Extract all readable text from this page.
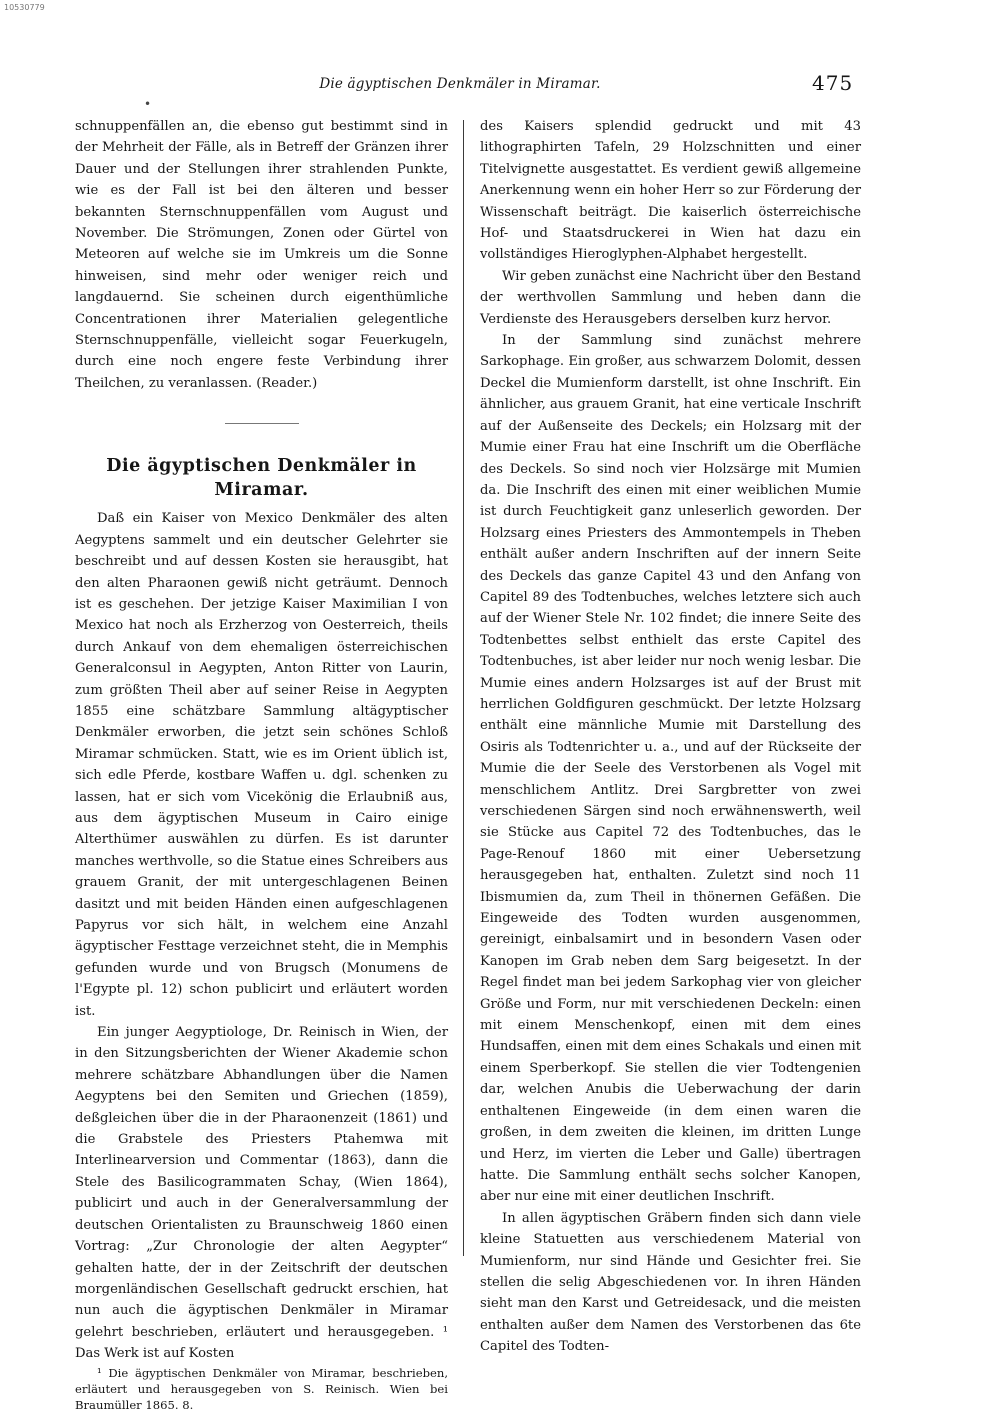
10530779
Die ägyptischen Denkmäler in Miramar.	475
•

schnuppenfällen an, die ebenso gut bestimmt sind in der Mehrheit der Fälle, als in Betreff der Gränzen ihrer Dauer und der Stellungen ihrer strahlenden Punkte, wie es der Fall ist bei den älteren und besser bekannten Sternschnuppenfällen vom August und November. Die Strömungen, Zonen oder Gürtel von Meteoren auf welche sie im Umkreis um die Sonne hinweisen, sind mehr oder weniger reich und langdauernd. Sie scheinen durch eigenthümliche Concentrationen ihrer Materialien gelegentliche Sternschnuppenfälle, vielleicht sogar Feuerkugeln, durch eine noch engere feste Verbindung ihrer Theilchen, zu veranlassen. (Reader.)

Die ägyptischen Denkmäler in Miramar.

Daß ein Kaiser von Mexico Denkmäler des alten Aegyptens sammelt und ein deutscher Gelehrter sie beschreibt und auf dessen Kosten sie herausgibt, hat den alten Pharaonen gewiß nicht geträumt. Dennoch ist es geschehen. Der jetzige Kaiser Maximilian I von Mexico hat noch als Erzherzog von Oesterreich, theils durch Ankauf von dem ehemaligen österreichischen Generalconsul in Aegypten, Anton Ritter von Laurin, zum größten Theil aber auf seiner Reise in Aegypten 1855 eine schätzbare Sammlung altägyptischer Denkmäler erworben, die jetzt sein schönes Schloß Miramar schmücken. Statt, wie es im Orient üblich ist, sich edle Pferde, kostbare Waffen u. dgl. schenken zu lassen, hat er sich vom Vicekönig die Erlaubniß aus, aus dem ägyptischen Museum in Cairo einige Alterthümer auswählen zu dürfen. Es ist darunter manches werthvolle, so die Statue eines Schreibers aus grauem Granit, der mit untergeschlagenen Beinen dasitzt und mit beiden Händen einen aufgeschlagenen Papyrus vor sich hält, in welchem eine Anzahl ägyptischer Festtage verzeichnet steht, die in Memphis gefunden wurde und von Brugsch (Monumens de l'Egypte pl. 12) schon publicirt und erläutert worden ist.

Ein junger Aegyptiologe, Dr. Reinisch in Wien, der in den Sitzungsberichten der Wiener Akademie schon mehrere schätzbare Abhandlungen über die Namen Aegyptens bei den Semiten und Griechen (1859), deßgleichen über die in der Pharaonenzeit (1861) und die Grabstele des Priesters Ptahemwa mit Interlinearversion und Commentar (1863), dann die Stele des Basilicogrammaten Schay, (Wien 1864), publicirt und auch in der Generalversammlung der deutschen Orientalisten zu Braunschweig 1860 einen Vortrag: „Zur Chronologie der alten Aegypter“ gehalten hatte, der in der Zeitschrift der deutschen morgenländischen Gesellschaft gedruckt erschien, hat nun auch die ägyptischen Denkmäler in Miramar gelehrt beschrieben, erläutert und herausgegeben. ¹ Das Werk ist auf Kosten

¹ Die ägyptischen Denkmäler von Miramar, beschrieben, erläutert und herausgegeben von S. Reinisch. Wien bei Braumüller 1865. 8.

des Kaisers splendid gedruckt und mit 43 lithographirten Tafeln, 29 Holzschnitten und einer Titelvignette ausgestattet. Es verdient gewiß allgemeine Anerkennung wenn ein hoher Herr so zur Förderung der Wissenschaft beiträgt. Die kaiserlich österreichische Hof- und Staatsdruckerei in Wien hat dazu ein vollständiges Hieroglyphen-Alphabet hergestellt.

Wir geben zunächst eine Nachricht über den Bestand der werthvollen Sammlung und heben dann die Verdienste des Herausgebers derselben kurz hervor.

In der Sammlung sind zunächst mehrere Sarkophage. Ein großer, aus schwarzem Dolomit, dessen Deckel die Mumienform darstellt, ist ohne Inschrift. Ein ähnlicher, aus grauem Granit, hat eine verticale Inschrift auf der Außenseite des Deckels; ein Holzsarg mit der Mumie einer Frau hat eine Inschrift um die Oberfläche des Deckels. So sind noch vier Holzsärge mit Mumien da. Die Inschrift des einen mit einer weiblichen Mumie ist durch Feuchtigkeit ganz unleserlich geworden. Der Holzsarg eines Priesters des Ammontempels in Theben enthält außer andern Inschriften auf der innern Seite des Deckels das ganze Capitel 43 und den Anfang von Capitel 89 des Todtenbuches, welches letztere sich auch auf der Wiener Stele Nr. 102 findet; die innere Seite des Todtenbettes selbst enthielt das erste Capitel des Todtenbuches, ist aber leider nur noch wenig lesbar. Die Mumie eines andern Holzsarges ist auf der Brust mit herrlichen Goldfiguren geschmückt. Der letzte Holzsarg enthält eine männliche Mumie mit Darstellung des Osiris als Todtenrichter u. a., und auf der Rückseite der Mumie die der Seele des Verstorbenen als Vogel mit menschlichem Antlitz. Drei Sargbretter von zwei verschiedenen Särgen sind noch erwähnenswerth, weil sie Stücke aus Capitel 72 des Todtenbuches, das le Page-Renouf 1860 mit einer Uebersetzung herausgegeben hat, enthalten. Zuletzt sind noch 11 Ibismumien da, zum Theil in thönernen Gefäßen. Die Eingeweide des Todten wurden ausgenommen, gereinigt, einbalsamirt und in besondern Vasen oder Kanopen im Grab neben dem Sarg beigesetzt. In der Regel findet man bei jedem Sarkophag vier von gleicher Größe und Form, nur mit verschiedenen Deckeln: einen mit einem Menschenkopf, einen mit dem eines Hundsaffen, einen mit dem eines Schakals und einen mit einem Sperberkopf. Sie stellen die vier Todtengenien dar, welchen Anubis die Ueberwachung der darin enthaltenen Eingeweide (in dem einen waren die großen, in dem zweiten die kleinen, im dritten Lunge und Herz, im vierten die Leber und Galle) übertragen hatte. Die Sammlung enthält sechs solcher Kanopen, aber nur eine mit einer deutlichen Inschrift.

In allen ägyptischen Gräbern finden sich dann viele kleine Statuetten aus verschiedenem Material von Mumienform, nur sind Hände und Gesichter frei. Sie stellen die selig Abgeschiedenen vor. In ihren Händen sieht man den Karst und Getreidesack, und die meisten enthalten außer dem Namen des Verstorbenen das 6te Capitel des Todten-
